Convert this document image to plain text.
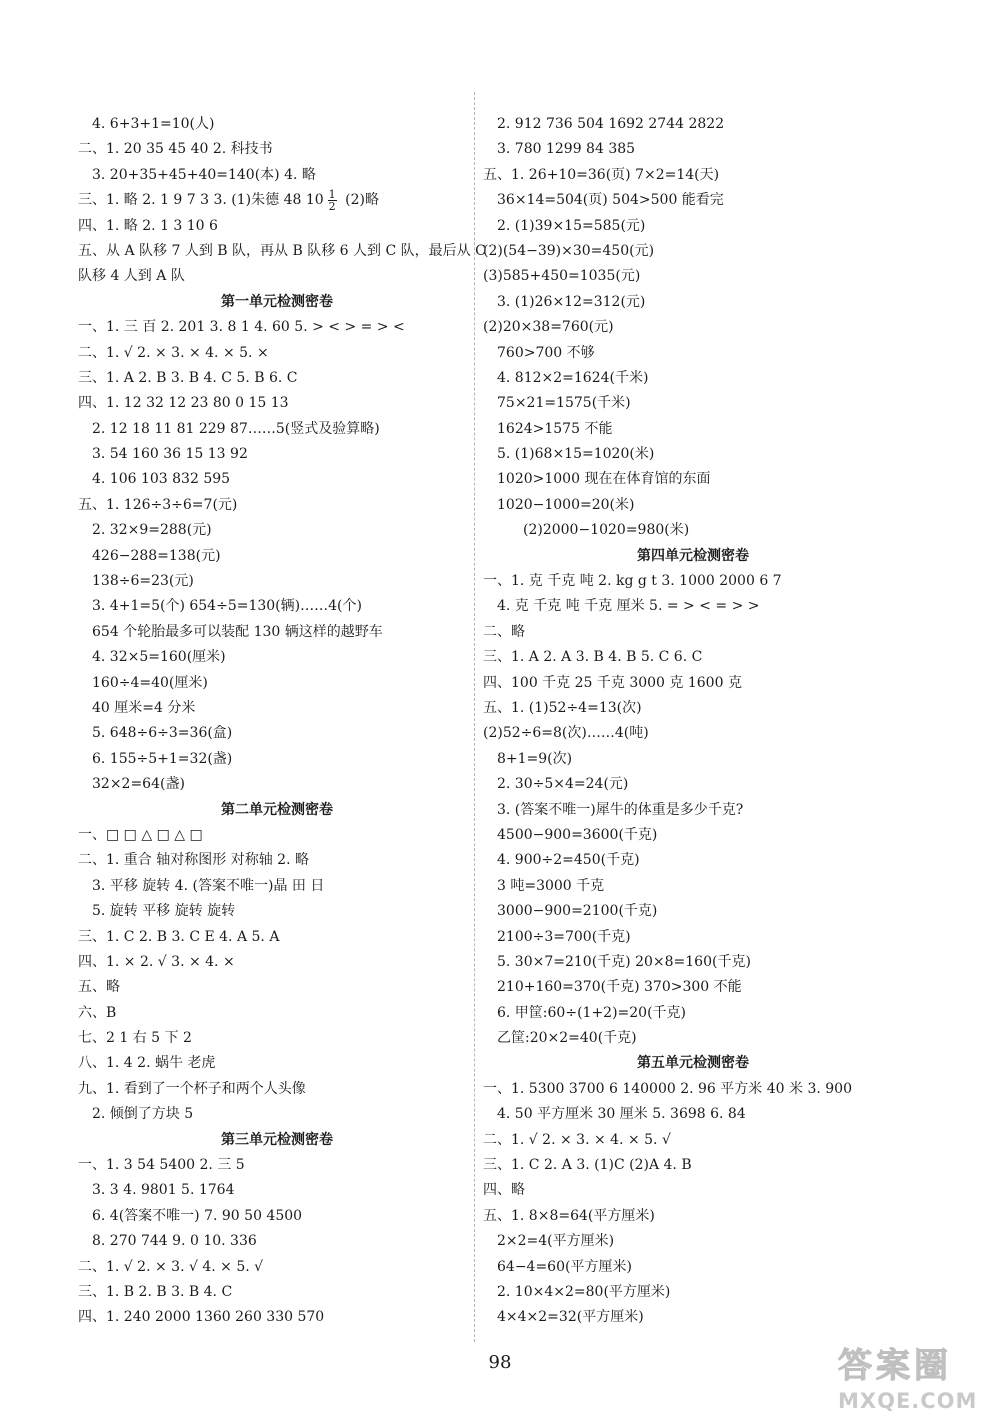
4. 6+3+1=10(人)
二、1. 20 35 45 40 2. 科技书
3. 20+35+45+40=140(本) 4. 略
三、1. 略 2. 1 9 7 3 3. (1)朱德 48 $10 \frac{1}{2} (2)$略
四、1. 略 2. 1 3 10 6
五、从 A 队移 7 人到 B 队，再从 B 队移 6 人到 C 队，最后从 C
队移 4 人到 A 队
第一单元检测密卷
一、1. 三 百 2. 201 3. 8 1 4. 60 5. > < > = > <
二、1. √ 2. × 3. × 4. × 5. ×
三、1. A 2. B 3. B 4. C 5. B 6. C
四、1. 12 32 12 23 80 0 15 13
2. 12 18 11 81 229 87……5(竖式及验算略)
3. 54 160 36 15 13 92
4. 106 103 832 595
五、1. 126÷3÷6=7(元)
2. 32×9=288(元)
426−288=138(元)
138÷6=23(元)
3. 4+1=5(个) 654÷5=130(辆)……4(个)
654 个轮胎最多可以装配 130 辆这样的越野车
4. 32×5=160(厘米)
160÷4=40(厘米)
40 厘米=4 分米
5. 648÷6÷3=36(盒)
6. 155÷5+1=32(盏)
32×2=64(盏)
第二单元检测密卷
一、□ □ △ □ △ □
二、1. 重合 轴对称图形 对称轴 2. 略
3. 平移 旋转 4. (答案不唯一)晶 田 日
5. 旋转 平移 旋转 旋转
三、1. C 2. B 3. C E 4. A 5. A
四、1. × 2. √ 3. × 4. ×
五、略
六、B
七、2 1 右 5 下 2
八、1. 4 2. 蜗牛 老虎
九、1. 看到了一个杯子和两个人头像
2. 倾倒了方块 5
第三单元检测密卷
一、1. 3 54 5400 2. 三 5
3. 3 4. 9801 5. 1764
6. 4(答案不唯一) 7. 90 50 4500
8. 270 744 9. 0 10. 336
二、1. √ 2. × 3. √ 4. × 5. √
三、1. B 2. B 3. B 4. C
四、1. 240 2000 1360 260 330 570
2. 912 736 504 1692 2744 2822
3. 780 1299 84 385
五、1. 26+10=36(页) 7×2=14(天)
36×14=504(页) 504>500 能看完
2. (1)39×15=585(元)
(2)(54−39)×30=450(元)
(3)585+450=1035(元)
3. (1)26×12=312(元)
(2)20×38=760(元)
760>700 不够
4. 812×2=1624(千米)
75×21=1575(千米)
1624>1575 不能
5. (1)68×15=1020(米)
1020>1000 现在在体育馆的东面
1020−1000=20(米)
(2)2000−1020=980(米)
第四单元检测密卷
一、1. 克 千克 吨 2. kg g t 3. 1000 2000 6 7
4. 克 千克 吨 千克 厘米 5. = > < = > >
二、略
三、1. A 2. A 3. B 4. B 5. C 6. C
四、100 千克 25 千克 3000 克 1600 克
五、1. (1)52÷4=13(次)
(2)52÷6=8(次)……4(吨)
8+1=9(次)
2. 30÷5×4=24(元)
3. (答案不唯一)犀牛的体重是多少千克?
4500−900=3600(千克)
4. 900÷2=450(千克)
3 吨=3000 千克
3000−900=2100(千克)
2100÷3=700(千克)
5. 30×7=210(千克) 20×8=160(千克)
210+160=370(千克) 370>300 不能
6. 甲筐:60÷(1+2)=20(千克)
乙筐:20×2=40(千克)
第五单元检测密卷
一、1. 5300 3700 6 140000 2. 96 平方米 40 米 3. 900
4. 50 平方厘米 30 厘米 5. 3698 6. 84
二、1. √ 2. × 3. × 4. × 5. √
三、1. C 2. A 3. (1)C (2)A 4. B
四、略
五、1. 8×8=64(平方厘米)
2×2=4(平方厘米)
64−4=60(平方厘米)
2. 10×4×2=80(平方厘米)
4×4×2=32(平方厘米)
98	答 案 圈
MXQE.COM
